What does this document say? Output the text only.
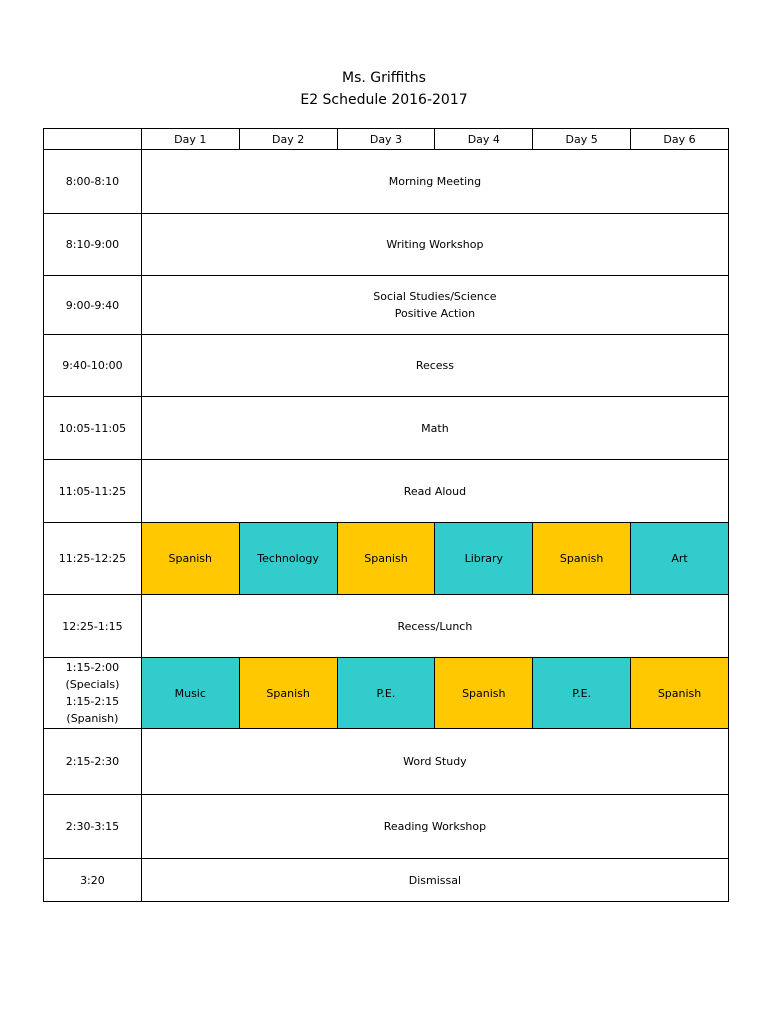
Ms. Griffiths
E2 Schedule 2016-2017
	Day 1	Day 2	Day 3	Day 4	Day 5	Day 6
8:00-8:10	Morning Meeting					
8:10-9:00	Writing Workshop					
9:00-9:40	Social Studies/Science
Positive Action					

9:40-10:00	Recess					
10:05-11:05	Math					
11:05-11:25	Read Aloud					
11:25-12:25	Spanish	Technology	Spanish	Library	Spanish	Art
12:25-1:15	Recess/Lunch					

1:15-2:00
(Specials)
1:15-2:15
(Spanish)	Music	Spanish	P.E.	Spanish	P.E.	Spanish
2:15-2:30	Word Study					
2:30-3:15	Reading Workshop					
3:20	Dismissal					
